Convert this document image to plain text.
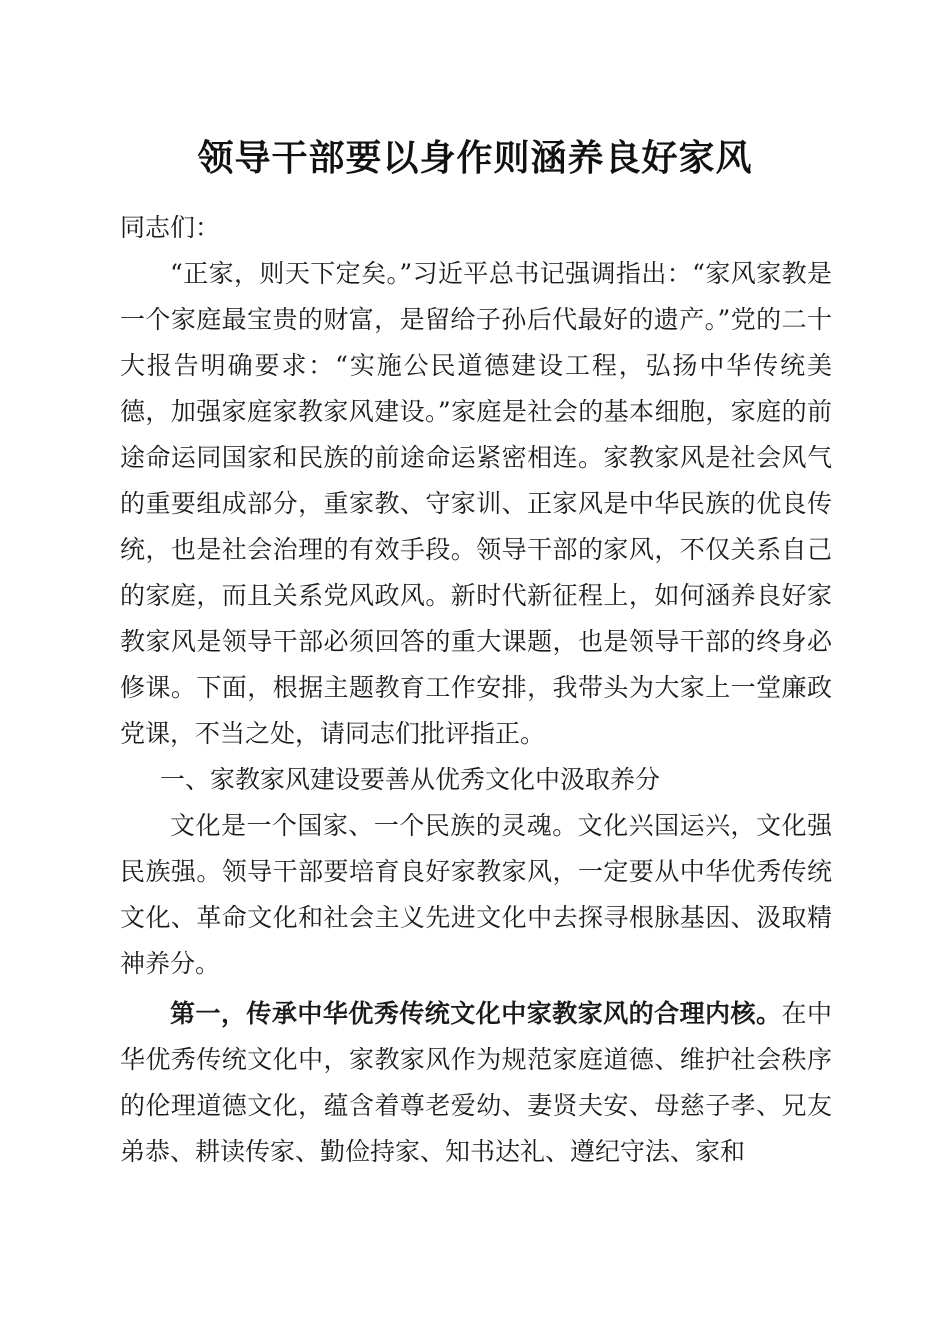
领导干部要以身作则涵养良好家风

同志们：

“正家，则天下定矣。”习近平总书记强调指出：“家风家教是一个家庭最宝贵的财富，是留给子孙后代最好的遗产。”党的二十大报告明确要求：“实施公民道德建设工程，弘扬中华传统美德，加强家庭家教家风建设。”家庭是社会的基本细胞，家庭的前途命运同国家和民族的前途命运紧密相连。家教家风是社会风气的重要组成部分，重家教、守家训、正家风是中华民族的优良传统，也是社会治理的有效手段。领导干部的家风，不仅关系自己的家庭，而且关系党风政风。新时代新征程上，如何涵养良好家教家风是领导干部必须回答的重大课题，也是领导干部的终身必修课。下面，根据主题教育工作安排，我带头为大家上一堂廉政党课，不当之处，请同志们批评指正。

一、家教家风建设要善从优秀文化中汲取养分

文化是一个国家、一个民族的灵魂。文化兴国运兴，文化强民族强。领导干部要培育良好家教家风，一定要从中华优秀传统文化、革命文化和社会主义先进文化中去探寻根脉基因、汲取精神养分。

第一，传承中华优秀传统文化中家教家风的合理内核。在中华优秀传统文化中，家教家风作为规范家庭道德、维护社会秩序的伦理道德文化，蕴含着尊老爱幼、妻贤夫安、母慈子孝、兄友弟恭、耕读传家、勤俭持家、知书达礼、遵纪守法、家和
